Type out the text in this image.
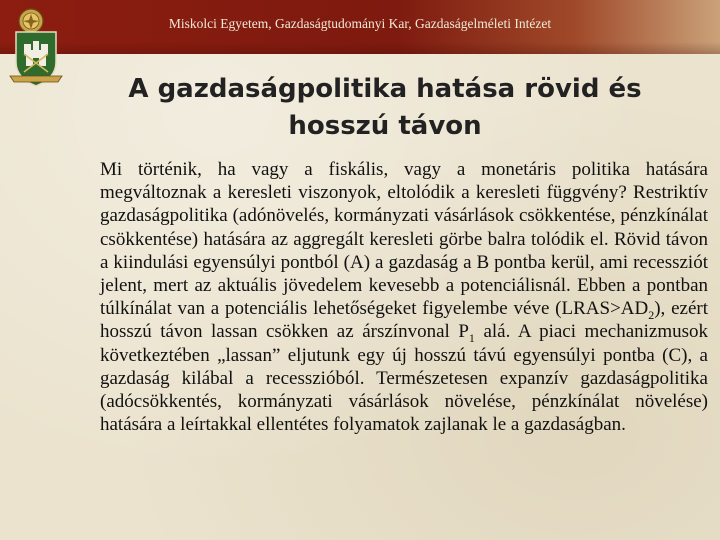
Miskolci Egyetem, Gazdaságtudományi Kar, Gazdaságelméleti Intézet
A gazdaságpolitika hatása rövid és hosszú távon
Mi történik, ha vagy a fiskális, vagy a monetáris politika hatására megváltoznak a keresleti viszonyok, eltolódik a keresleti függvény? Restriktív gazdaságpolitika (adónövelés, kormányzati vásárlások csökkentése, pénzkínálat csökkentése) hatására az aggregált keresleti görbe balra tolódik el. Rövid távon a kiindulási egyensúlyi pontból (A) a gazdaság a B pontba kerül, ami recessziót jelent, mert az aktuális jövedelem kevesebb a potenciálisnál. Ebben a pontban túlkínálat van a potenciális lehetőségeket figyelembe véve $(LRAS>AD_2)$, ezért hosszú távon lassan csökken az árszínvonal $P_1$ alá. A piaci mechanizmusok következtében „lassan” eljutunk egy új hosszú távú egyensúlyi pontba (C), a gazdaság kilábal a recesszióból. Természetesen expanzív gazdaságpolitika (adócsökkentés, kormányzati vásárlások növelése, pénzkínálat növelése) hatására a leírtakkal ellentétes folyamatok zajlanak le a gazdaságban.
